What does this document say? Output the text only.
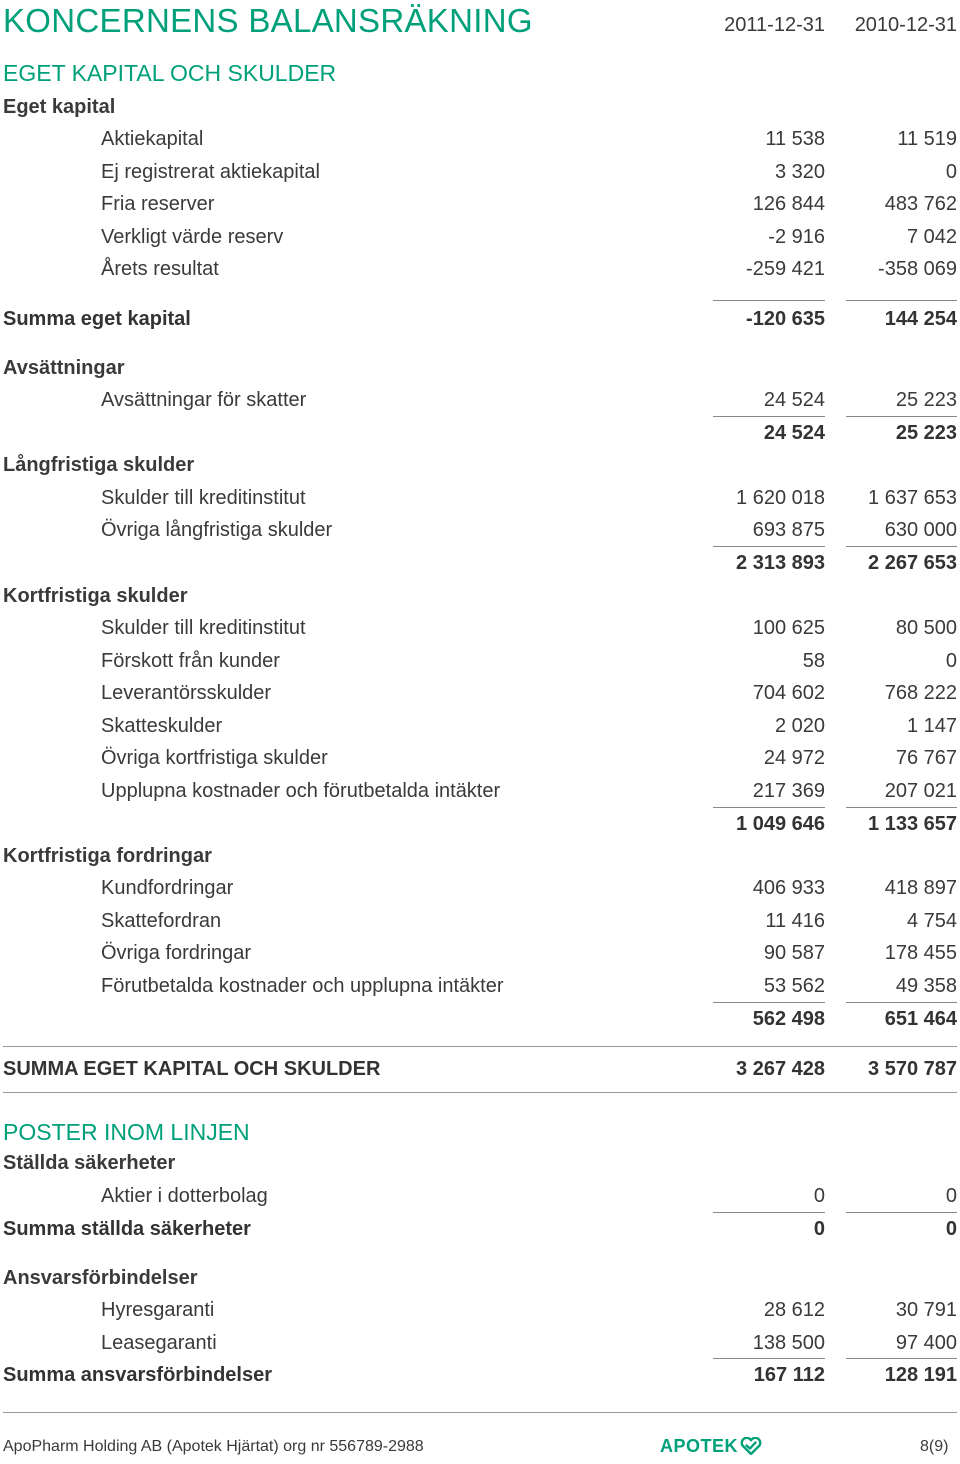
KONCERNENS BALANSRÄKNING	2011-12-31	2010-12-31
EGET KAPITAL OCH SKULDER
Eget kapital
Aktiekapital	11 538	11 519
Ej registrerat aktiekapital	3 320	0
Fria reserver	126 844	483 762
Verkligt värde reserv	-2 916	7 042
Årets resultat	-259 421	-358 069
Summa eget kapital	-120 635	144 254
Avsättningar
Avsättningar för skatter	24 524	25 223
24 524	25 223
Långfristiga skulder
Skulder till kreditinstitut	1 620 018	1 637 653
Övriga långfristiga skulder	693 875	630 000
2 313 893	2 267 653
Kortfristiga skulder
Skulder till kreditinstitut	100 625	80 500
Förskott från kunder	58	0
Leverantörsskulder	704 602	768 222
Skatteskulder	2 020	1 147
Övriga kortfristiga skulder	24 972	76 767
Upplupna kostnader och förutbetalda intäkter	217 369	207 021
1 049 646	1 133 657
Kortfristiga fordringar
Kundfordringar	406 933	418 897
Skattefordran	11 416	4 754
Övriga fordringar	90 587	178 455
Förutbetalda kostnader och upplupna intäkter	53 562	49 358
562 498	651 464
SUMMA EGET KAPITAL OCH SKULDER	3 267 428	3 570 787
POSTER INOM LINJEN
Ställda säkerheter
Aktier i dotterbolag	0	0
Summa ställda säkerheter	0	0
Ansvarsförbindelser
Hyresgaranti	28 612	30 791
Leasegaranti	138 500	97 400
Summa ansvarsförbindelser	167 112	128 191
ApoPharm Holding AB (Apotek Hjärtat) org nr 556789-2988	APOTEK	8(9)
